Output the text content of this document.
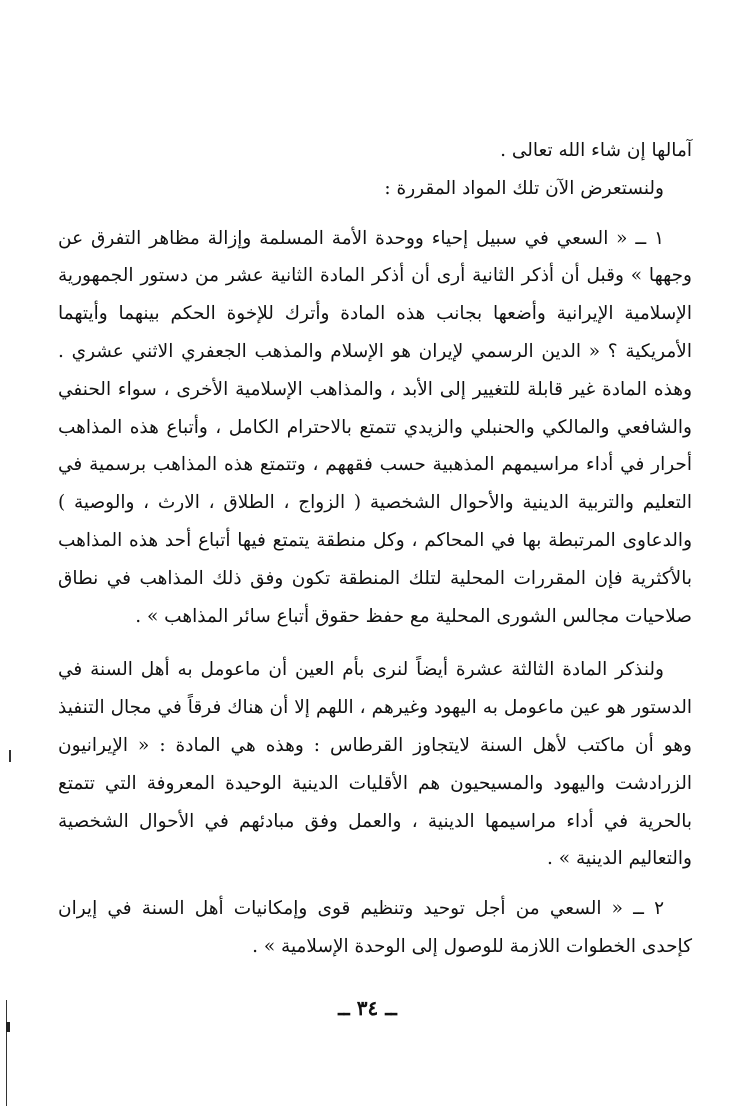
آمالها إن شاء الله تعالى .

ولنستعرض الآن تلك المواد المقررة :

١ ــ « السعي في سبيل إحياء ووحدة الأمة المسلمة وإزالة مظاهر التفرق عن وجهها » وقبل أن أذكر الثانية أرى أن أذكر المادة الثانية عشر من دستور الجمهورية الإسلامية الإيرانية وأضعها بجانب هذه المادة وأترك للإخوة الحكم بينهما وأيتهما الأمريكية ؟ « الدين الرسمي لإيران هو الإسلام والمذهب الجعفري الاثني عشري . وهذه المادة غير قابلة للتغيير إلى الأبد ، والمذاهب الإسلامية الأخرى ، سواء الحنفي والشافعي والمالكي والحنبلي والزيدي تتمتع بالاحترام الكامل ، وأتباع هذه المذاهب أحرار في أداء مراسيمهم المذهبية حسب فقههم ، وتتمتع هذه المذاهب برسمية في التعليم والتربية الدينية والأحوال الشخصية ( الزواج ، الطلاق ، الارث ، والوصية ) والدعاوى المرتبطة بها في المحاكم ، وكل منطقة يتمتع فيها أتباع أحد هذه المذاهب بالأكثرية فإن المقررات المحلية لتلك المنطقة تكون وفق ذلك المذاهب في نطاق صلاحيات مجالس الشورى المحلية مع حفظ حقوق أتباع سائر المذاهب » .

ولنذكر المادة الثالثة عشرة أيضاً لنرى بأم العين أن ماعومل به أهل السنة في الدستور هو عين ماعومل به اليهود وغيرهم ، اللهم إلا أن هناك فرقاً في مجال التنفيذ وهو أن ماكتب لأهل السنة لايتجاوز القرطاس : وهذه هي المادة : « الإيرانيون الزرادشت واليهود والمسيحيون هم الأقليات الدينية الوحيدة المعروفة التي تتمتع بالحرية في أداء مراسيمها الدينية ، والعمل وفق مبادئهم في الأحوال الشخصية والتعاليم الدينية » .

٢ ــ « السعي من أجل توحيد وتنظيم قوى وإمكانيات أهل السنة في إيران كإحدى الخطوات اللازمة للوصول إلى الوحدة الإسلامية » .

ــ ٣٤ ــ
